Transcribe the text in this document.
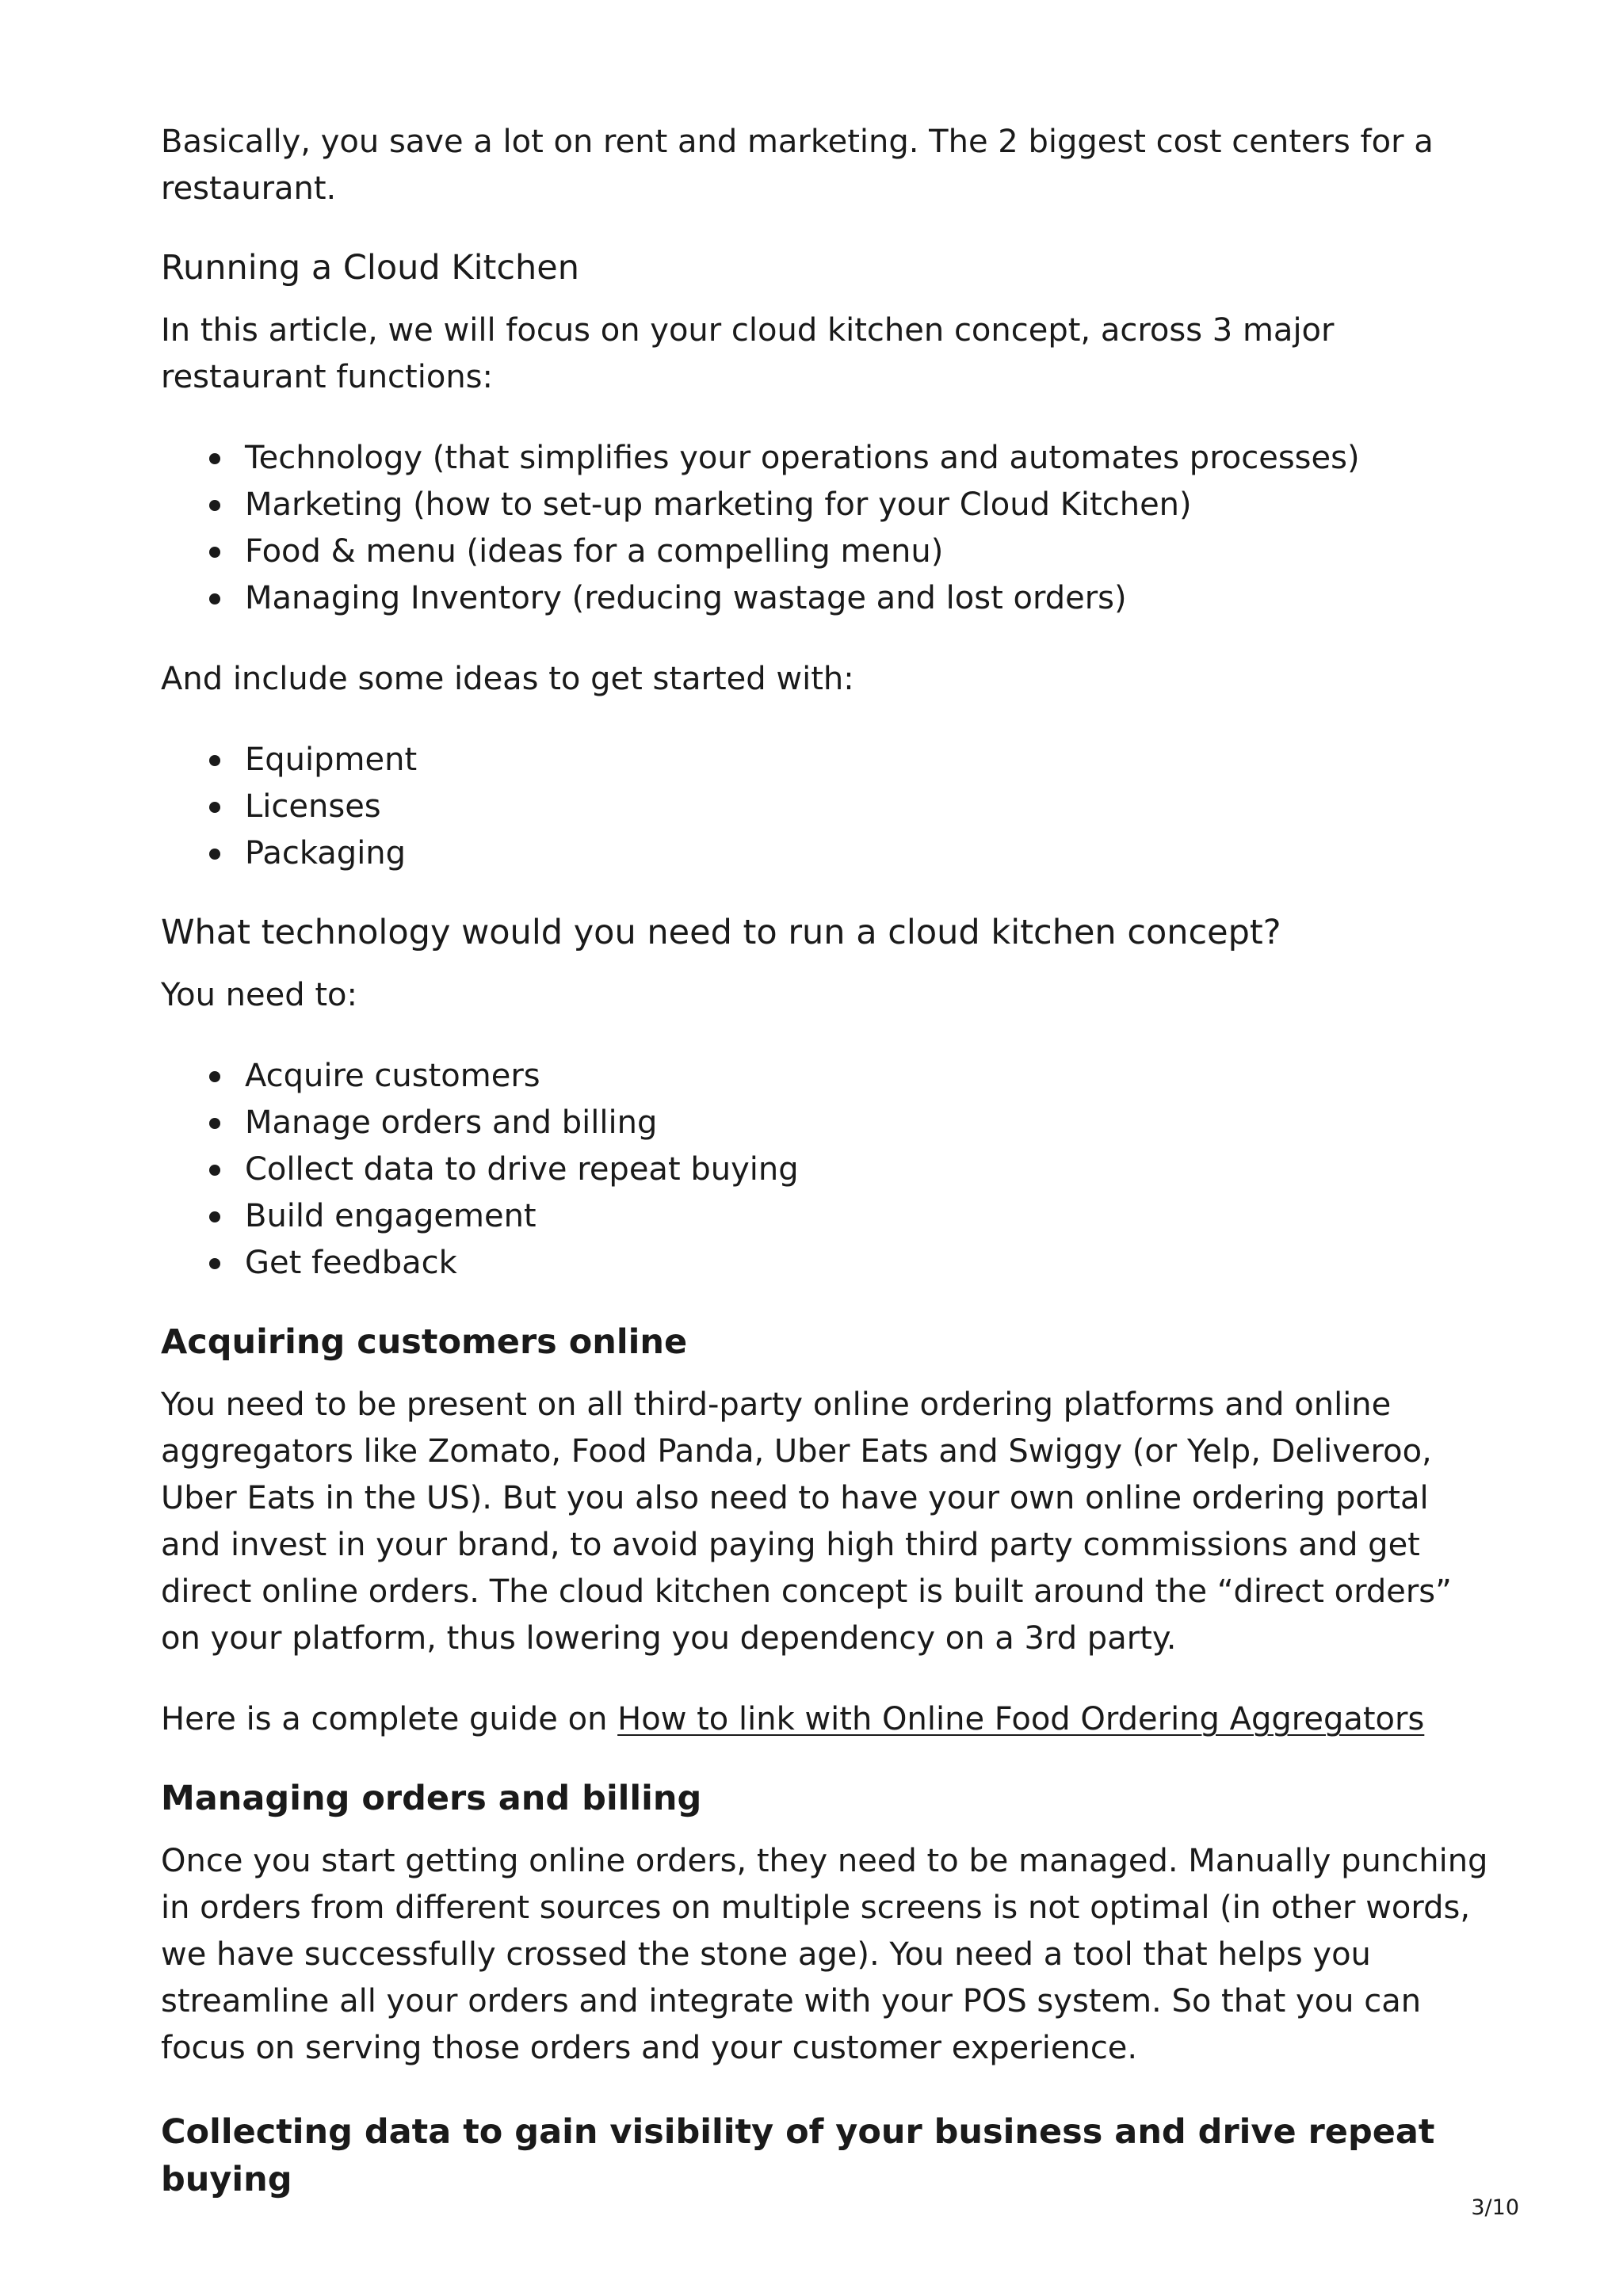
Basically, you save a lot on rent and marketing. The 2 biggest cost centers for a restaurant.

Running a Cloud Kitchen

In this article, we will focus on your cloud kitchen concept, across 3 major restaurant functions:

Technology (that simplifies your operations and automates processes)
Marketing (how to set-up marketing for your Cloud Kitchen)
Food & menu (ideas for a compelling menu)
Managing Inventory (reducing wastage and lost orders)

And include some ideas to get started with:

Equipment
Licenses
Packaging
What technology would you need to run a cloud kitchen concept?

You need to:

Acquire customers
Manage orders and billing
Collect data to drive repeat buying
Build engagement
Get feedback
Acquiring customers online

You need to be present on all third-party online ordering platforms and online aggregators like Zomato, Food Panda, Uber Eats and Swiggy (or Yelp, Deliveroo, Uber Eats in the US). But you also need to have your own online ordering portal and invest in your brand, to avoid paying high third party commissions and get direct online orders. The cloud kitchen concept is built around the “direct orders” on your platform, thus lowering you dependency on a 3rd party.

Here is a complete guide on How to link with Online Food Ordering Aggregators

Managing orders and billing

Once you start getting online orders, they need to be managed. Manually punching in orders from different sources on multiple screens is not optimal (in other words, we have successfully crossed the stone age). You need a tool that helps you streamline all your orders and integrate with your POS system. So that you can focus on serving those orders and your customer experience.

Collecting data to gain visibility of your business and drive repeat buying
3/10
